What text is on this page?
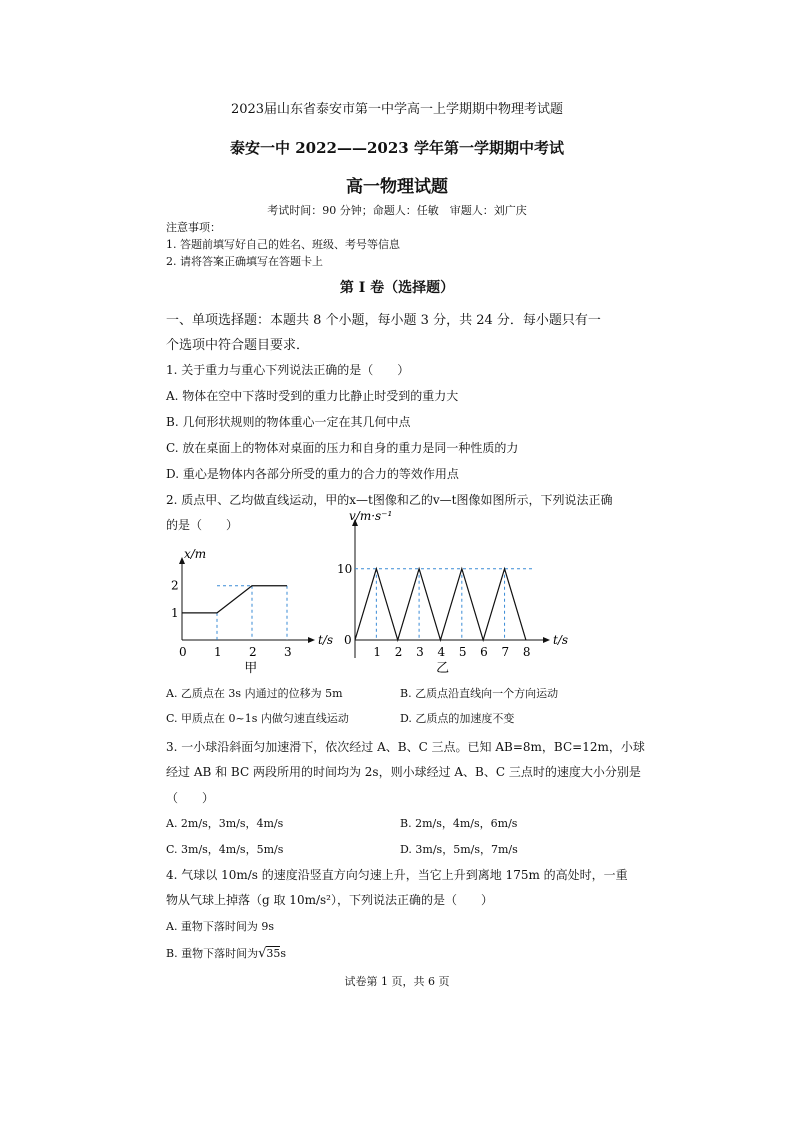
2023届山东省泰安市第一中学高一上学期期中物理考试题
泰安一中 2022——2023 学年第一学期期中考试
高一物理试题
考试时间：90 分钟；命题人：任敏　审题人：刘广庆
注意事项：
1. 答题前填写好自己的姓名、班级、考号等信息
2. 请将答案正确填写在答题卡上
第 I 卷（选择题）
一、单项选择题：本题共 8 个小题，每小题 3 分，共 24 分．每小题只有一
个选项中符合题目要求．
1. 关于重力与重心下列说法正确的是（　　）
A. 物体在空中下落时受到的重力比静止时受到的重力大
B. 几何形状规则的物体重心一定在其几何中点
C. 放在桌面上的物体对桌面的压力和自身的重力是同一种性质的力
D. 重心是物体内各部分所受的重力的合力的等效作用点
2. 质点甲、乙均做直线运动，甲的x—t图像和乙的v—t图像如图所示，下列说法正确
的是（　　）
t/s
x/m
0 1 2 3
1
2
甲
t/s
v/m·s⁻¹
1 2 3 4 5 6 7 8
0
10
乙
A. 乙质点在 3s 内通过的位移为 5m	B. 乙质点沿直线向一个方向运动
C. 甲质点在 0~1s 内做匀速直线运动	D. 乙质点的加速度不变
3. 一小球沿斜面匀加速滑下，依次经过 A、B、C 三点。已知 AB=8m，BC=12m，小球
经过 AB 和 BC 两段所用的时间均为 2s，则小球经过 A、B、C 三点时的速度大小分别是
（　　）
A. 2m/s，3m/s，4m/s	B. 2m/s，4m/s，6m/s
C. 3m/s，4m/s，5m/s	D. 3m/s，5m/s，7m/s
4. 气球以 10m/s 的速度沿竖直方向匀速上升，当它上升到离地 175m 的高处时，一重
物从气球上掉落（g 取 10m/s²），下列说法正确的是（　　）
A. 重物下落时间为 9s
B. 重物下落时间为√35s
试卷第 1 页，共 6 页
